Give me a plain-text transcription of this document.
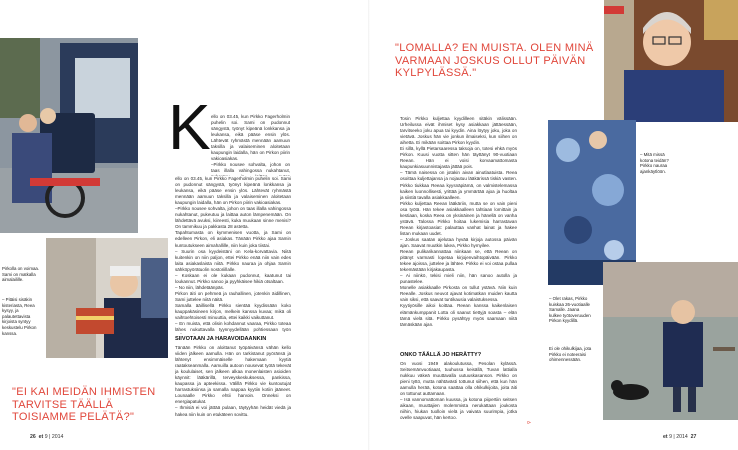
Pirkolla on voimaa. Sami on matkalla aimalailille.
– Pitäisi sisäkin kisteriasta, Reea kysyy, ja palautettavista kirjoista syntyy keskustelu Pirkon kanssa.
"EI KAI MEIDÄN IHMISTEN TARVITSE TÄÄLLÄ TOISIAMME PELÄTÄ?"
K ello on 03.45, kun Pirkko Fagerholmin puhelin soi. Sami on pudonnut sängystä, työnyt kipeänä lonkkansa ja leukansa, eikä pääse ensin ylös. Lähtevät ryhmästä mennään aamuun taksilla ja valaiseminen aloitetaan kaupungin laidalla, hän on Pirkon piirin vakioasiakas.
–Pirkko nousee sohvalta, johon on taas illalla vahingossa nukahtanut,

ello on 03.45, kun Pirkko Fagerholmin puhelin soi. Sami on pudonnut sängystä, työnyt kipeänä lonkkansa ja leukansa, eikä pääse ensin ylös. Lähtevät ryhmästä mennään aamuun taksilla ja valaiseminen aloitetaan kaupungin laidalla, hän on Pirkon piirin vakioasiakas.
–Pirkko nousee sohvalta, johon on taas illalla vahingossa nukahtanut, pukeutuu ja laittaa auton lämpenemään. On lähdettävä avuksi, kiireesti, kuka muukaan sinne menisi? On tammikuu ja pakkasta 28 astetta.
Tapahtumasta on kymmenisen vuotta, ja Sami on edelleen Pirkon, eli asiakas. Tänään Pirkko ajaa Samin kuntoutukseen aimahallille, niin kuin joka tiistai.
– Suurin osa kyydeistäni on Kela-korvattavia. Niitä kuitenkin on niin paljon, ettei Pirkko enää niin vain edes laita asiakaslaista niitä. Pirkko nauraa ja ohjaa Samin sähköpyörätuolin nostoriillalle.
– Koskaan ei ole kukaan pudonnut, kaatunut tai loukannut. Pirkko sanoo ja pyyhkäisee hikiä otsaltaan.
– No niin, lähdetäänpäs.
Pirkon äiti on pehmeä ja rauhallinen, jotenkin äidillinen, Sami juttelee niitä näitä.
Samalla ääillisellä Pirkko sientää kyydissään koko kauppakäsineen kirjon, melkein kanssa kuvaa; mikä oli vaihtoehtoisesti minuuttia, ettei kaikki vaikuttanut.
– En muista, että olisin kohdannut vaaraa, Pirkko toteaa lähes nukuttavalla tyynnyydellään pohtiessaan työn

SIIVOTAAN JA HARAVOIDAANKIN
Tänään Pirkko on aloittanut työpäivänsä vähän kello viiden jälkeen aamulla. Hän on tarkistanut pyöränsä ja lähtenyt ensimmäiselle hakemaan kyytiä raatakseanmalla. Aamuilla autoon nousevat työtä tekevät ja koululaiset, sen jälkeen alkaa monenlaisten asioiden käynnit: lääkärillä, terveyskeskuksessa, pankissa, kaupassa ja apteekissa. Välillä Pirkko vie kuntoutujat harrastuksiinsa ja samalla nappaa kyytiin kotiin jääneet. Lounaalle Pirkko ehtii harvoin. Onneksi on energiapatukat.
– Ihmisiä ei voi jättää pulaan, täytyyhän heidät viedä ja hakea niin kuin on etukäteen sovittu.
26 et 9 | 2014
"LOMALLA? EN MUISTA. OLEN MINÄ VARMAAN JOSKUS OLLUT PÄIVÄN KYLPYLÄSSÄ."
Tosin Pirkko kuljettaa kyydilleen sitäkin välissään. Urheilussa eivät ihmiset kysy asiakkaan jättäessään, tarvitseeko joku apua tai kyydin. Aina löytyy joku, joka on vietävä. Joskus hän vie jonkun ilmaiseksi, kun siihen on aihetta. Ei mikään soittaa Pirkon kyydin.
Ei sillä, kyllä Pietarsaaressa taksoja on, totesi ehkä myös Pirkon. Kuusi vuotta sitten hän täyttänyt 90-vuotiaan Reean. Hän ei voisi korvaamattomasta kaupunkiasuunnistajasta jättää pois.
– Tämä naisessa on jotakin aivan ainutlaatuista. Reea osoittaa kuljettajansa ja nojautuu lääkärissä tiskiä vasten. Pirkko tiukkaa Reeaa kyysnäpiämä, on valmistelemassa kaiken luonnollisesti, yrittää ja ymmärtää ajoa ja huoltaa ja siistiä tavalla asiakkaalleen.
Pirkko kuljettaa Reean lääkäriin, mutta se on vain pieni osa työtä. Hän tekee asiakkaalleen tahtiaan lomittain ja kestiaan, koska Reea on yksinäinen ja hänellä on vanha ystävä. Talossa Pirkko hoitaa lukemisia harrastavan Reean kirjastoasiat: palauttaa vanhat lainat ja hakee listan mukaan uudet.
– Joskus saatan ajelutaa hyvää kirjoja autossa päivän ajan. Saavat muutkin lukea, Pirkko hymyilee.
Reean pulikarikannattaa niinkaan se, että Reean on pitänyt varmasti lopetaa kirjojenvaihtopäivään. Pirkko tekee ajoissa, juttelee ja lähtee. Pirkko ei voi ostaa pullaa tekemästään kirjakaupasta.
– Ai niinkö, tekisi mieli niin, hän sanoo autolla ja punastelee.
Monelle asiakkaalle Pirkosta on tullut ystävä. Niin kuin Reealle. Joskus neuvot ajavat kotimatkan muiden kautta vain siksi, että saavat tuntikausia valaistuksessa.
Kyytiyösille aikoi koittaa. Reean kanssa kaikenlaisen elämänkumppanit Lotta oli saanut tiettyjä soasta – elän tämä vielä sitä. Pirkko pysähtyy myös saamaan niitä tämäskään ajan.
ONKO TÄÄLLÄ JO HERÄTTY?
On vuosi 1949 alakoulutussa, Pesolan kylässä. Seitsemänvuotiaaat, tuuhussa keisällä, Tuvan lattialla nukkuu väkeä muuttavalla uutuuskasanson. Pirkko on pieni tyttö, mutta nähtävästi tottunut siihen, että kun hän aamulla herää, kotona saattaa olla ohikulkijoita, joita äiti on tottunut auttamaan.
– Isä vannomattoman kuussa, ja kotona piipertiin seitsen aikaan, muuttajien molemmista nerukattaan joukosta niihin, hiukan tuolloin vielä ja vaivata suurimpia, jotka ovelle saapuvat, hän kertoo.
– Mitä missä kotona teidän? Pirkko nauraa ajankäytlöön.
– Olet rakas, Pirkko kuiskaa 26-vuotiaalle Samalle. Jaana kulkee työtoveruuden Pirkon kyydillä.
Ei ole ohikulkijaa, jota Pirkko ei noteeraisi ohimennessään.
et 9 | 2014 27
⊳
